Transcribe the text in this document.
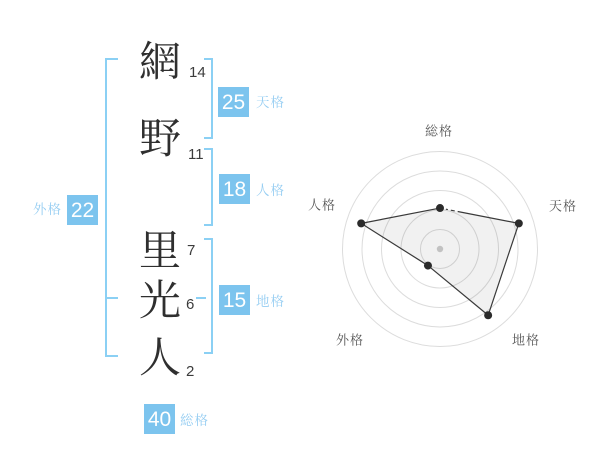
網 14
野 11
里 7
光 6
人 2
25 天格
18 人格
15 地格
22
外格
40 総格
総格
天格
地格
外格
人格
